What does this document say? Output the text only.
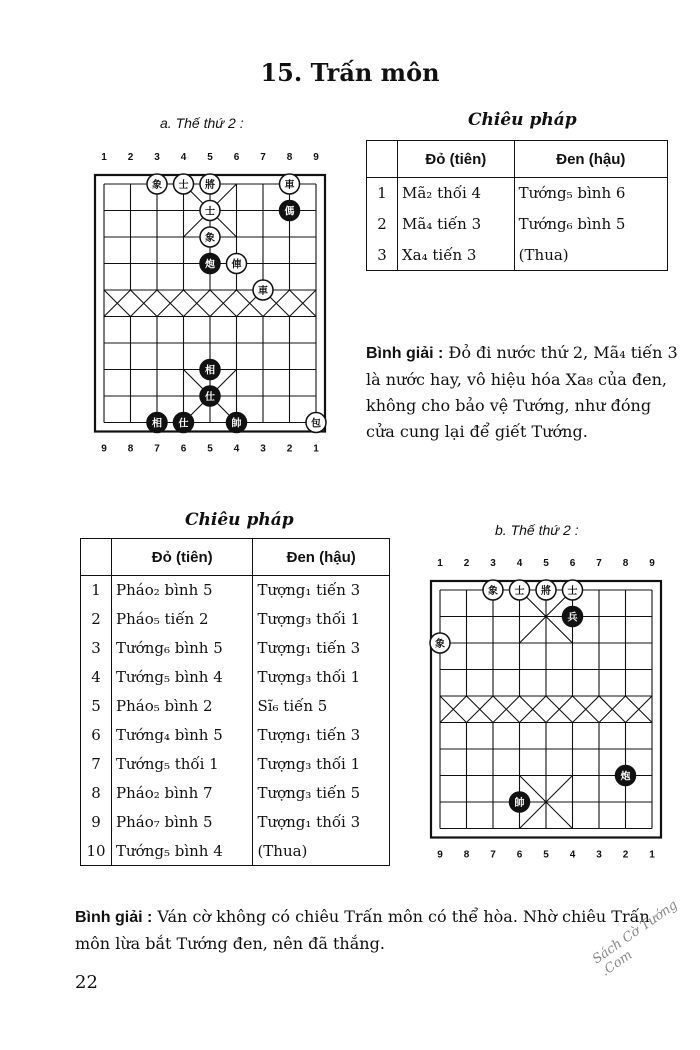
15. Trấn môn
a. Thế thứ 2 :
1 2 3 4 5 6 7 8 9
9 8 7 6 5 4 3 2 1
象 士 將	車
士	傌
象
炮 俥
車
相
仕
相 仕	帥	包
Chiêu pháp
	Đỏ (tiên)	Đen (hậu)
1	Mã₂ thối 4	Tướng₅ bình 6
2	Mã₄ tiến 3	Tướng₆ bình 5
3	Xa₄ tiến 3	(Thua)
Bình giải : Đỏ đi nước thứ 2, Mã₄ tiến 3 là nước hay, vô hiệu hóa Xa₈ của đen, không cho bảo vệ Tướng, như đóng cửa cung lại để giết Tướng.
Chiêu pháp
	Đỏ (tiên)	Đen (hậu)
1	Pháo₂ bình 5	Tượng₁ tiến 3
2	Pháo₅ tiến 2	Tượng₃ thối 1
3	Tướng₆ bình 5	Tượng₁ tiến 3
4	Tướng₅ bình 4	Tượng₃ thối 1
5	Pháo₅ bình 2	Sĩ₆ tiến 5
6	Tướng₄ bình 5	Tượng₁ tiến 3
7	Tướng₅ thối 1	Tượng₃ thối 1
8	Pháo₂ bình 7	Tượng₃ tiến 5
9	Pháo₇ bình 5	Tượng₁ thối 3
10	Tướng₅ bình 4	(Thua)
b. Thế thứ 2 :
1 2 3 4 5 6 7 8 9
9 8 7 6 5 4 3 2 1
象 士 將 士
兵
象
炮
帥
Bình giải : Ván cờ không có chiêu Trấn môn có thể hòa. Nhờ chiêu Trấn môn lừa bắt Tướng đen, nên đã thắng.
22
Sách Cờ Tướng .Com
